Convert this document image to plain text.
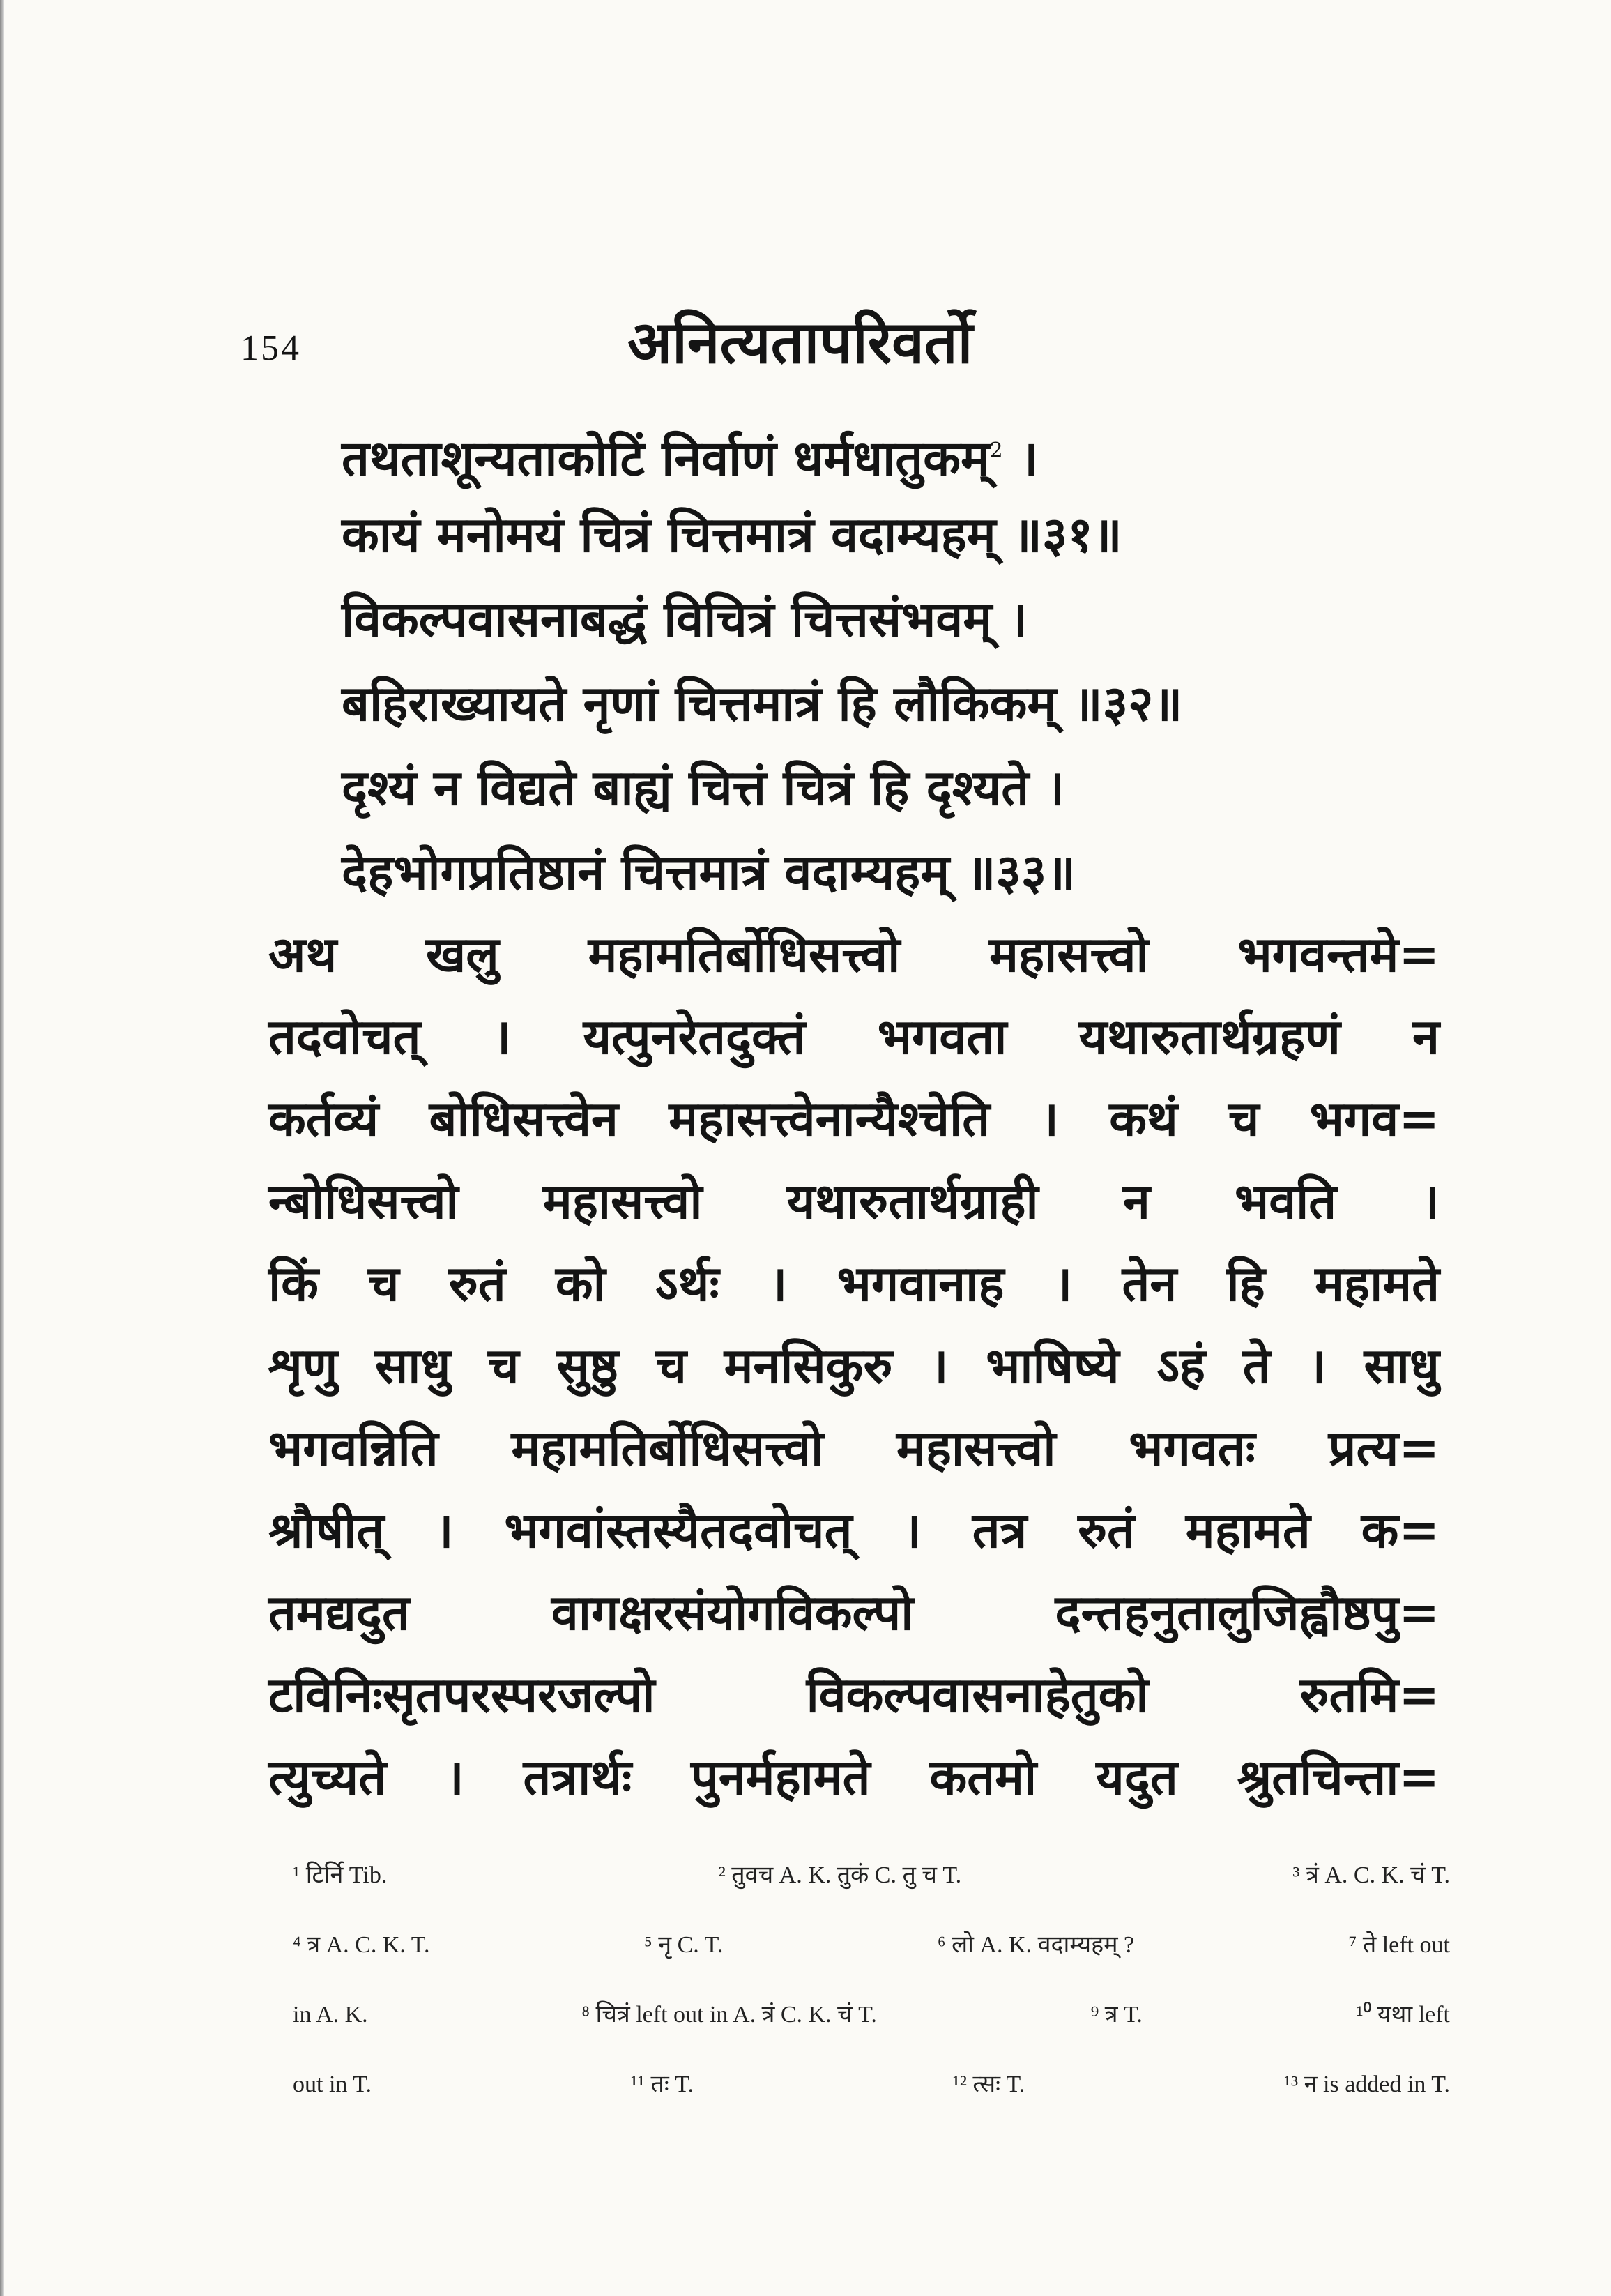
154	अनित्यतापरिवर्तो
तथताशून्यताकोटिं निर्वाणं धर्मधातुकम्$^2$ ।
कायं मनोमयं चित्रं चित्तमात्रं वदाम्यहम् ॥३१॥
विकल्पवासनाबद्धं विचित्रं चित्तसंभवम् ।
बहिराख्यायते नृणां चित्तमात्रं हि लौकिकम् ॥३२॥
दृश्यं न विद्यते बाह्यं चित्तं चित्रं हि दृश्यते ।
देहभोगप्रतिष्ठानं चित्तमात्रं वदाम्यहम् ॥३३॥
अथ खलु महामतिर्बोधिसत्त्वो महासत्त्वो भगवन्तमे=
तदवोचत् । यत्पुनरेतदुक्तं भगवता यथारुतार्थग्रहणं न
कर्तव्यं बोधिसत्त्वेन महासत्त्वेनान्यैश्चेति । कथं च भगव=
न्बोधिसत्त्वो महासत्त्वो यथारुतार्थग्राही न भवति ।
किं च रुतं को ऽर्थः । भगवानाह । तेन हि महामते
शृणु साधु च सुष्ठु च मनसिकुरु । भाषिष्ये ऽहं ते । साधु
भगवन्निति महामतिर्बोधिसत्त्वो महासत्त्वो भगवतः प्रत्य=
श्रौषीत् । भगवांस्तस्यैतदवोचत् । तत्र रुतं महामते क=
तमद्यदुत वागक्षरसंयोगविकल्पो दन्तहनुतालुजिह्वौष्ठपु=
टविनिःसृतपरस्परजल्पो विकल्पवासनाहेतुको रुतमि=
त्युच्यते । तत्रार्थः पुनर्महामते कतमो यदुत श्रुतचिन्ता=
¹ टिर्नि Tib.	² तुवच A. K. तुकं C. तु च T.	³ त्रं A. C. K. चं T.
⁴ त्र A. C. K. T.	⁵ नृ C. T.	⁶ लो A. K. वदाम्यहम् ?	⁷ ते left out
in A. K.	⁸ चित्रं left out in A. त्रं C. K. चं T.	⁹ त्र T.	¹⁰ यथा left
out in T.	¹¹ तः T.	¹² त्सः T.	¹³ न is added in T.
